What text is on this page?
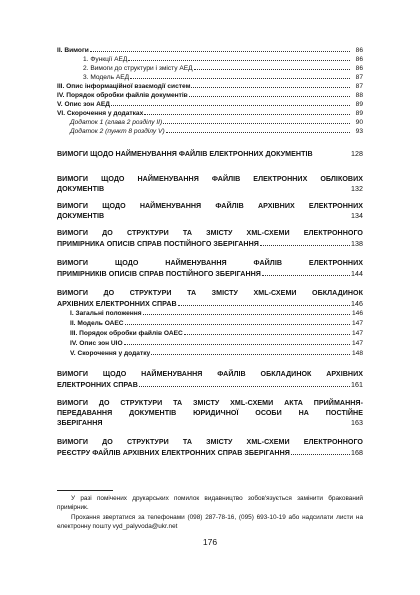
II. Вимоги	86
1. Функції АЕД	86
2. Вимоги до структури і змісту АЕД	86
3. Модель АЕД	87
III. Опис інформаційної взаємодії систем	87
IV. Порядок обробки файлів документів	88
V. Опис зон АЕД	89
VI. Скорочення у додатках	89
Додаток 1 (глава 2 розділу II)	90
Додаток 2 (пункт 8 розділу V)	93
ВИМОГИ ЩОДО НАЙМЕНУВАННЯ ФАЙЛІВ ЕЛЕКТРОННИХ ДОКУМЕНТІВ	128
ВИМОГИ ЩОДО НАЙМЕНУВАННЯ ФАЙЛІВ ЕЛЕКТРОННИХ ОБЛІКОВИХ
ДОКУМЕНТІВ	132
ВИМОГИ ЩОДО НАЙМЕНУВАННЯ ФАЙЛІВ АРХІВНИХ ЕЛЕКТРОННИХ
ДОКУМЕНТІВ	134
ВИМОГИ ДО СТРУКТУРИ ТА ЗМІСТУ XML-СХЕМИ ЕЛЕКТРОННОГО
ПРИМІРНИКА ОПИСІВ СПРАВ ПОСТІЙНОГО ЗБЕРІГАННЯ	138
ВИМОГИ ЩОДО НАЙМЕНУВАННЯ ФАЙЛІВ ЕЛЕКТРОННИХ
ПРИМІРНИКІВ ОПИСІВ СПРАВ ПОСТІЙНОГО ЗБЕРІГАННЯ	144
ВИМОГИ ДО СТРУКТУРИ ТА ЗМІСТУ XML-СХЕМИ ОБКЛАДИНОК
АРХІВНИХ ЕЛЕКТРОННИХ СПРАВ	146
I. Загальні положення	146
II. Модель ОАЕС	147
III. Порядок обробки файлів ОАЕС	147
IV. Опис зон UIO	147
V. Скорочення у додатку	148
ВИМОГИ ЩОДО НАЙМЕНУВАННЯ ФАЙЛІВ ОБКЛАДИНОК АРХІВНИХ
ЕЛЕКТРОННИХ СПРАВ	161
ВИМОГИ ДО СТРУКТУРИ ТА ЗМІСТУ XML-СХЕМИ АКТА ПРИЙМАННЯ-
ПЕРЕДАВАННЯ ДОКУМЕНТІВ ЮРИДИЧНОЇ ОСОБИ НА ПОСТІЙНЕ
ЗБЕРІГАННЯ	163
ВИМОГИ ДО СТРУКТУРИ ТА ЗМІСТУ XML-СХЕМИ ЕЛЕКТРОННОГО
РЕЄСТРУ ФАЙЛІВ АРХІВНИХ ЕЛЕКТРОННИХ СПРАВ ЗБЕРІГАННЯ	168
У разі помічених друкарських помилок видавництво зобов'язується замінити бракований примірник.
Прохання звертатися за телефонами (098) 287-78-16, (095) 693-10-19 або надсилати листи на електронну пошту vyd_palyvoda@ukr.net
176
